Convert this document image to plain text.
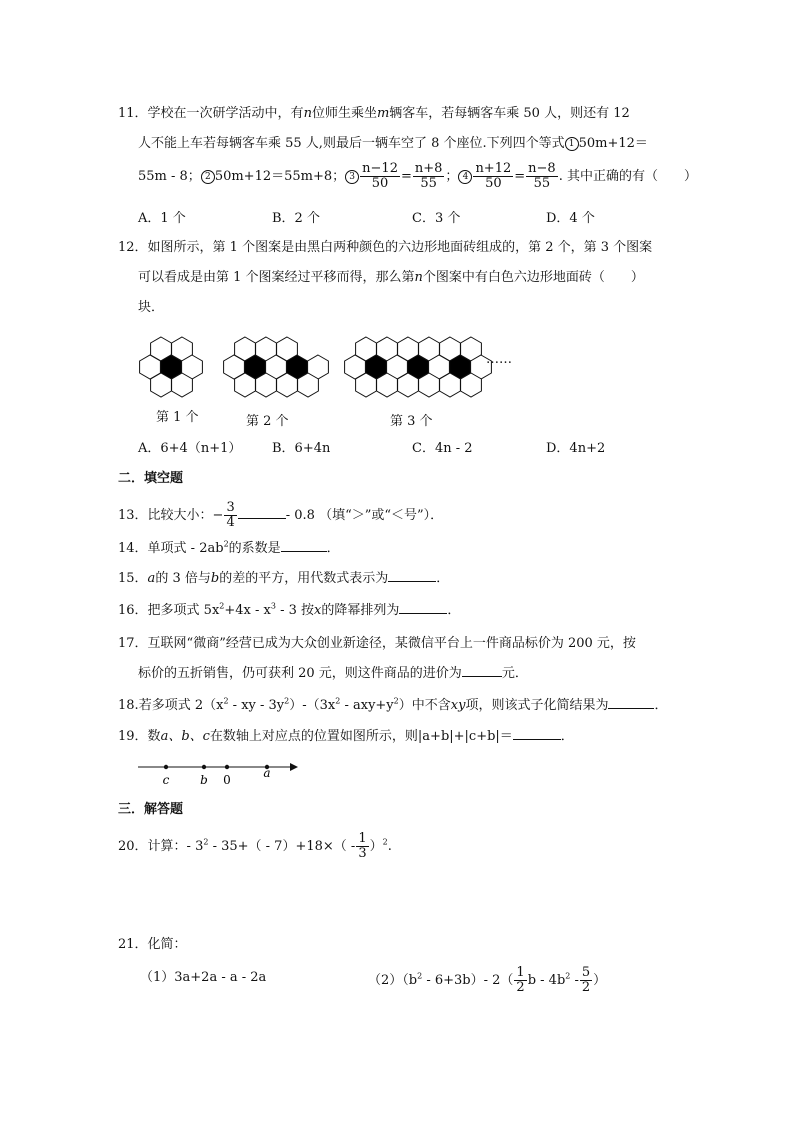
11．学校在一次研学活动中，有n位师生乘坐m辆客车，若每辆客车乘 50 人，则还有 12
人不能上车若每辆客车乘 55 人,则最后一辆车空了 8 个座位.下列四个等式 1 50m+12＝
55m - 8； 2 50m+12＝55m+8； $3 \frac{n-12}{50} = \frac{n+8}{55}$ ； $4 \frac{n+12}{50} = \frac{n-8}{55}$ . 其中正确的有（　　）
A．1 个	B．2 个	C．3 个	D．4 个
12．如图所示，第 1 个图案是由黑白两种颜色的六边形地面砖组成的，第 2 个，第 3 个图案
可以看成是由第 1 个图案经过平移而得，那么第n个图案中有白色六边形地面砖（　　）
块．
……
第 1 个	第 2 个	第 3 个
A．6+4（n+1） B．6+4n	C．4n - 2	D．4n+2
二．填空题
13．比较大小：− $\frac{3}{4}$	- 0.8 （填“＞”或“＜号”）．
14．单项式 - $2ab^2$的系数是	．
15．a的 3 倍与b的差的平方，用代数式表示为	．
16．把多项式 $5x^2+4x - x^3 - 3$ 按x的降幂排列为	．
17．互联网“微商”经营已成为大众创业新途径，某微信平台上一件商品标价为 200 元，按
标价的五折销售，仍可获利 20 元，则这件商品的进价为	元．
18.若多项式 $2(x^2$ - xy - $3y^2)-(3x^2 - axy+y^2)$中不含xy项，则该式子化简结果为	．
19．数a、b、c在数轴上对应点的位置如图所示，则|a+b|+|c+b|＝	．
c	b 0	a
三．解答题
20．计算：- $3^2 - 35+( - 7)+18\times( - \frac{1}{3} )^2$.
21．化简：
（1）3a+2a - a - 2a	$(2)(b^2 - 6+3b)-$ $2( \frac{1}{2}$ b - $4b^2 - \frac{5}{2}$ ）
